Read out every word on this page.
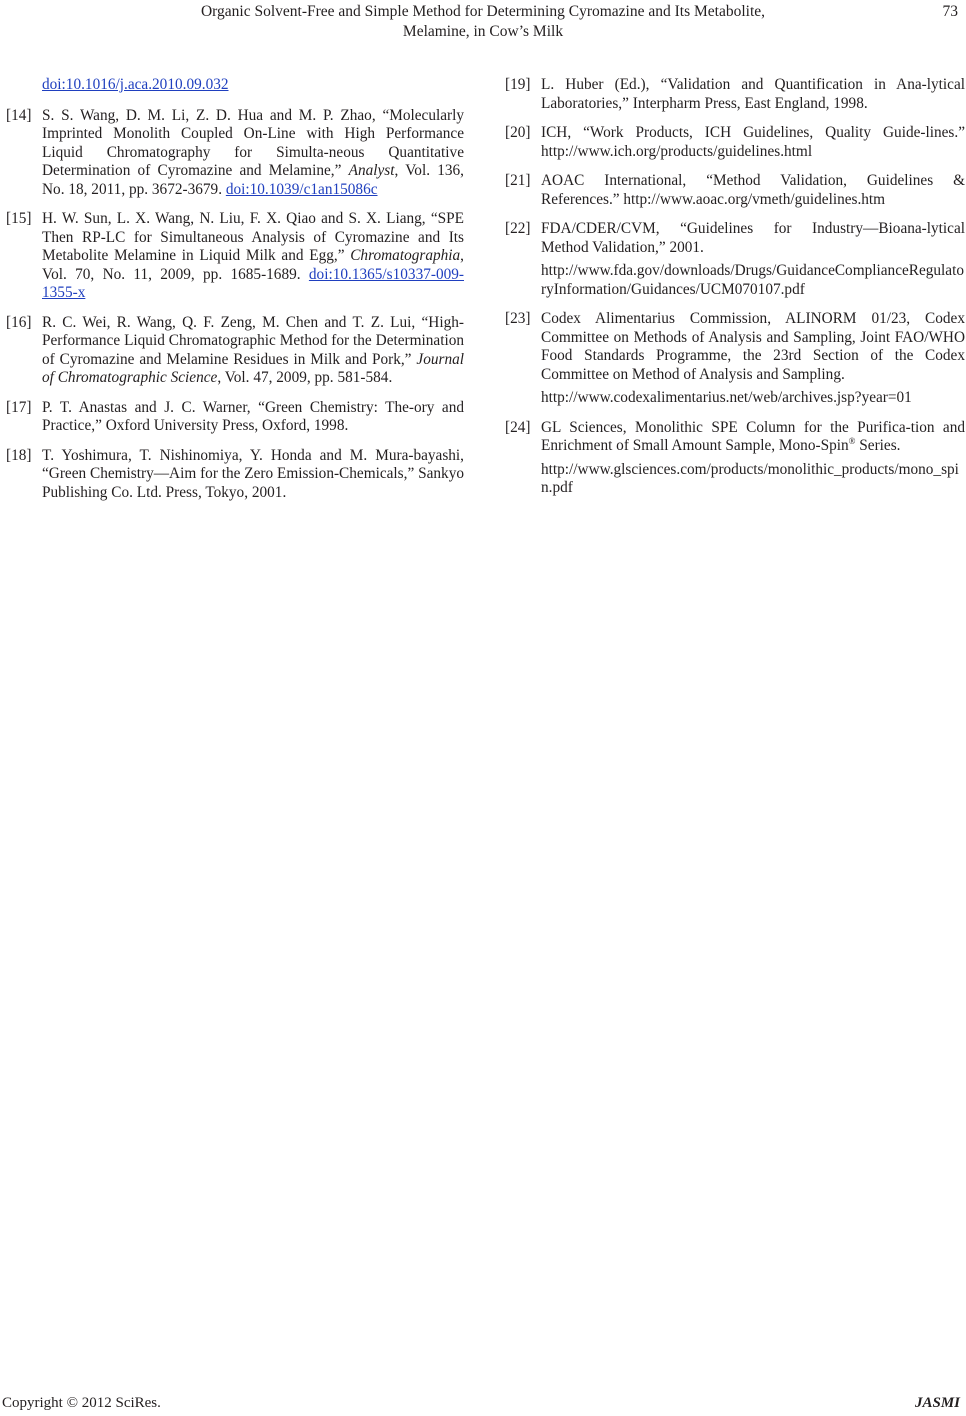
Organic Solvent-Free and Simple Method for Determining Cyromazine and Its Metabolite,
Melamine, in Cow’s Milk
73
doi:10.1016/j.aca.2010.09.032
[14] S. S. Wang, D. M. Li, Z. D. Hua and M. P. Zhao, “Molecularly Imprinted Monolith Coupled On-Line with High Performance Liquid Chromatography for Simulta-neous Quantitative Determination of Cyromazine and Melamine,” Analyst, Vol. 136, No. 18, 2011, pp. 3672-3679. doi:10.1039/c1an15086c
[15] H. W. Sun, L. X. Wang, N. Liu, F. X. Qiao and S. X. Liang, “SPE Then RP-LC for Simultaneous Analysis of Cyromazine and Its Metabolite Melamine in Liquid Milk and Egg,” Chromatographia, Vol. 70, No. 11, 2009, pp. 1685-1689. doi:10.1365/s10337-009-1355-x
[16] R. C. Wei, R. Wang, Q. F. Zeng, M. Chen and T. Z. Lui, “High-Performance Liquid Chromatographic Method for the Determination of Cyromazine and Melamine Residues in Milk and Pork,” Journal of Chromatographic Science, Vol. 47, 2009, pp. 581-584.
[17] P. T. Anastas and J. C. Warner, “Green Chemistry: The-ory and Practice,” Oxford University Press, Oxford, 1998.
[18] T. Yoshimura, T. Nishinomiya, Y. Honda and M. Mura-bayashi, “Green Chemistry—Aim for the Zero Emission-Chemicals,” Sankyo Publishing Co. Ltd. Press, Tokyo, 2001.
[19] L. Huber (Ed.), “Validation and Quantification in Ana-lytical Laboratories,” Interpharm Press, East England, 1998.
[20] ICH, “Work Products, ICH Guidelines, Quality Guide-lines.” http://www.ich.org/products/guidelines.html
[21] AOAC International, “Method Validation, Guidelines & References.” http://www.aoac.org/vmeth/guidelines.htm
[22] FDA/CDER/CVM, “Guidelines for Industry—Bioana-lytical Method Validation,” 2001.
http://www.fda.gov/downloads/Drugs/GuidanceComplianceRegulatoryInformation/Guidances/UCM070107.pdf
[23] Codex Alimentarius Commission, ALINORM 01/23, Codex Committee on Methods of Analysis and Sampling, Joint FAO/WHO Food Standards Programme, the 23rd Section of the Codex Committee on Method of Analysis and Sampling.
http://www.codexalimentarius.net/web/archives.jsp?year=01
[24] GL Sciences, Monolithic SPE Column for the Purifica-tion and Enrichment of Small Amount Sample, Mono-Spin® Series.
http://www.glsciences.com/products/monolithic_products/mono_spin.pdf
Copyright © 2012 SciRes.	JASMI
